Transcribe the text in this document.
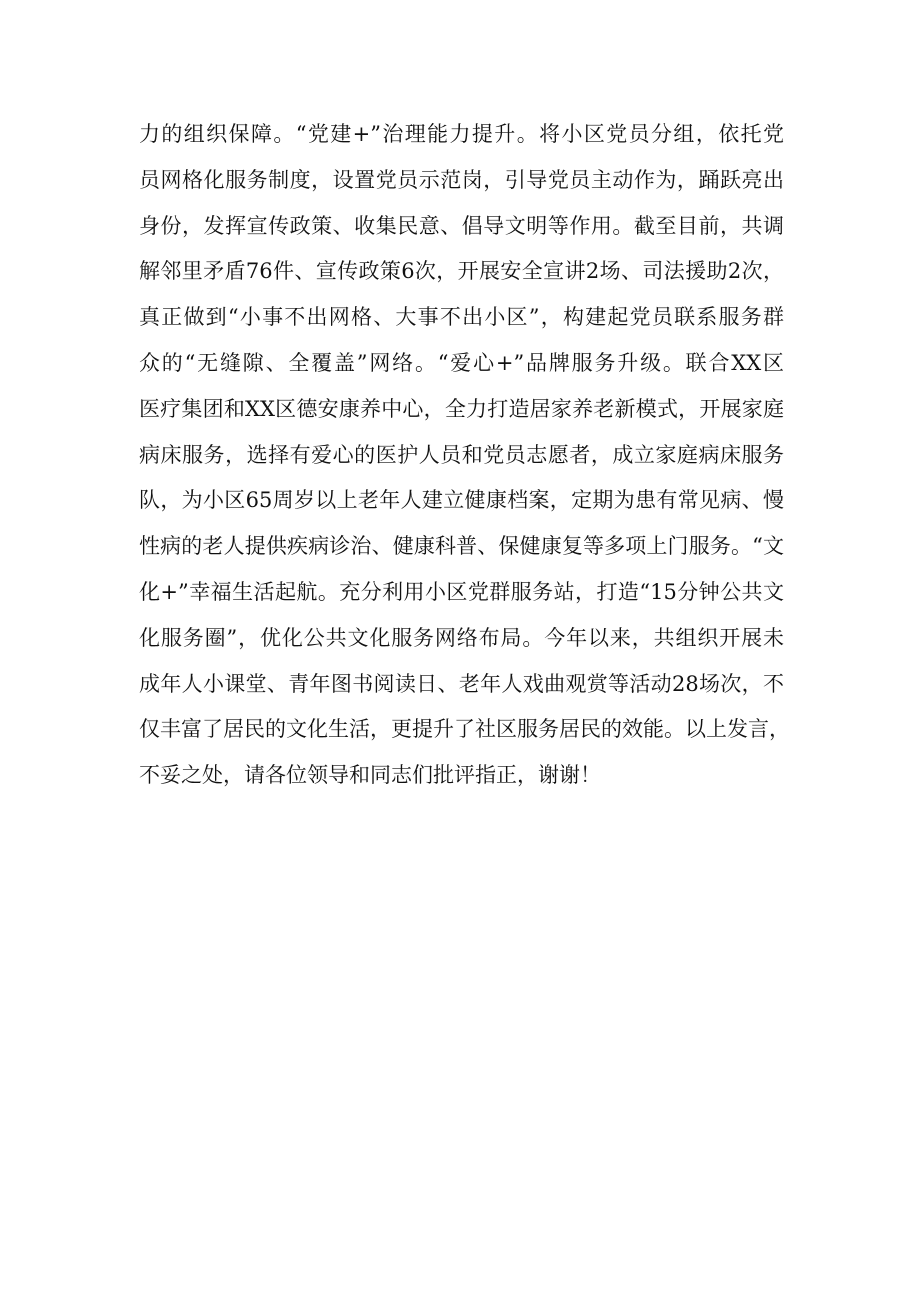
力的组织保障。“党建+”治理能力提升。将小区党员分组，依托党
员网格化服务制度，设置党员示范岗，引导党员主动作为，踊跃亮出
身份，发挥宣传政策、收集民意、倡导文明等作用。截至目前，共调
解邻里矛盾76件、宣传政策6次，开展安全宣讲2场、司法援助2次，
真正做到“小事不出网格、大事不出小区”，构建起党员联系服务群
众的“无缝隙、全覆盖”网络。“爱心+”品牌服务升级。联合XX区
医疗集团和XX区德安康养中心，全力打造居家养老新模式，开展家庭
病床服务，选择有爱心的医护人员和党员志愿者，成立家庭病床服务
队，为小区65周岁以上老年人建立健康档案，定期为患有常见病、慢
性病的老人提供疾病诊治、健康科普、保健康复等多项上门服务。“文
化+”幸福生活起航。充分利用小区党群服务站，打造“15分钟公共文
化服务圈”，优化公共文化服务网络布局。今年以来，共组织开展未
成年人小课堂、青年图书阅读日、老年人戏曲观赏等活动28场次，不
仅丰富了居民的文化生活，更提升了社区服务居民的效能。以上发言，
不妥之处，请各位领导和同志们批评指正，谢谢！
